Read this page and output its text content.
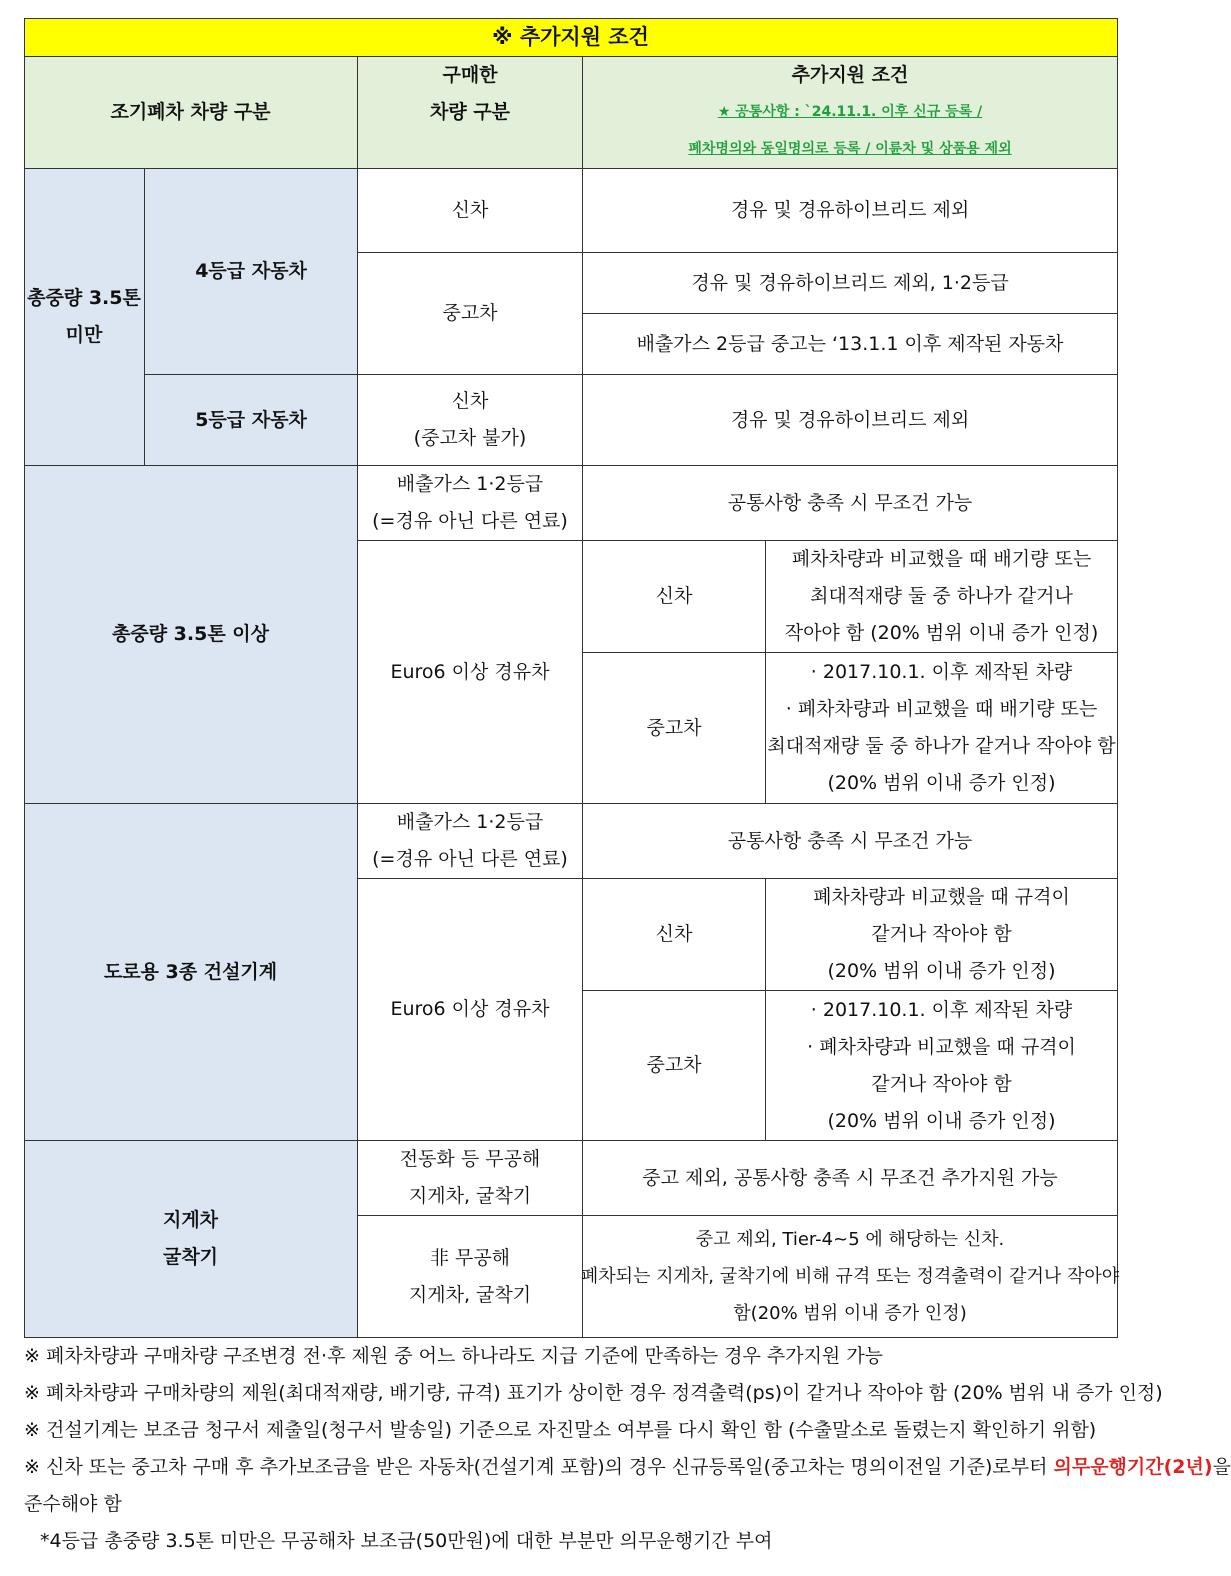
※ 추가지원 조건
조기폐차 차량 구분
구매한
차량 구분
추가지원 조건
★ 공통사항 : `24.11.1. 이후 신규 등록 /
폐차명의와 동일명의로 등록 / 이륜차 및 상품용 제외
총중량 3.5톤
미만
4등급 자동차
신차	경유 및 경유하이브리드 제외
중고차
경유 및 경유하이브리드 제외, 1·2등급
배출가스 2등급 중고는 ‘13.1.1 이후 제작된 자동차
5등급 자동차
신차
(중고차 불가)
경유 및 경유하이브리드 제외
총중량 3.5톤 이상
배출가스 1·2등급
(=경유 아닌 다른 연료)
공통사항 충족 시 무조건 가능
Euro6 이상 경유차
신차
폐차차량과 비교했을 때 배기량 또는
최대적재량 둘 중 하나가 같거나
작아야 함 (20% 범위 이내 증가 인정)
중고차
· 2017.10.1. 이후 제작된 차량
· 폐차차량과 비교했을 때 배기량 또는
최대적재량 둘 중 하나가 같거나 작아야 함
(20% 범위 이내 증가 인정)
도로용 3종 건설기계
배출가스 1·2등급
(=경유 아닌 다른 연료)
공통사항 충족 시 무조건 가능
Euro6 이상 경유차
신차
폐차차량과 비교했을 때 규격이
같거나 작아야 함
(20% 범위 이내 증가 인정)
중고차
· 2017.10.1. 이후 제작된 차량
· 폐차차량과 비교했을 때 규격이
같거나 작아야 함
(20% 범위 이내 증가 인정)
지게차
굴착기
전동화 등 무공해
지게차, 굴착기
중고 제외, 공통사항 충족 시 무조건 추가지원 가능
非 무공해
지게차, 굴착기
중고 제외, Tier-4~5 에 해당하는 신차.
폐차되는 지게차, 굴착기에 비해 규격 또는 정격출력이 같거나 작아야
함(20% 범위 이내 증가 인정)
※ 폐차차량과 구매차량 구조변경 전·후 제원 중 어느 하나라도 지급 기준에 만족하는 경우 추가지원 가능
※ 폐차차량과 구매차량의 제원(최대적재량, 배기량, 규격) 표기가 상이한 경우 정격출력(ps)이 같거나 작아야 함 (20% 범위 내 증가 인정)
※ 건설기계는 보조금 청구서 제출일(청구서 발송일) 기준으로 자진말소 여부를 다시 확인 함 (수출말소로 돌렸는지 확인하기 위함)
※ 신차 또는 중고차 구매 후 추가보조금을 받은 자동차(건설기계 포함)의 경우 신규등록일(중고차는 명의이전일 기준)로부터 의무운행기간(2년)을
준수해야 함
*4등급 총중량 3.5톤 미만은 무공해차 보조금(50만원)에 대한 부분만 의무운행기간 부여
